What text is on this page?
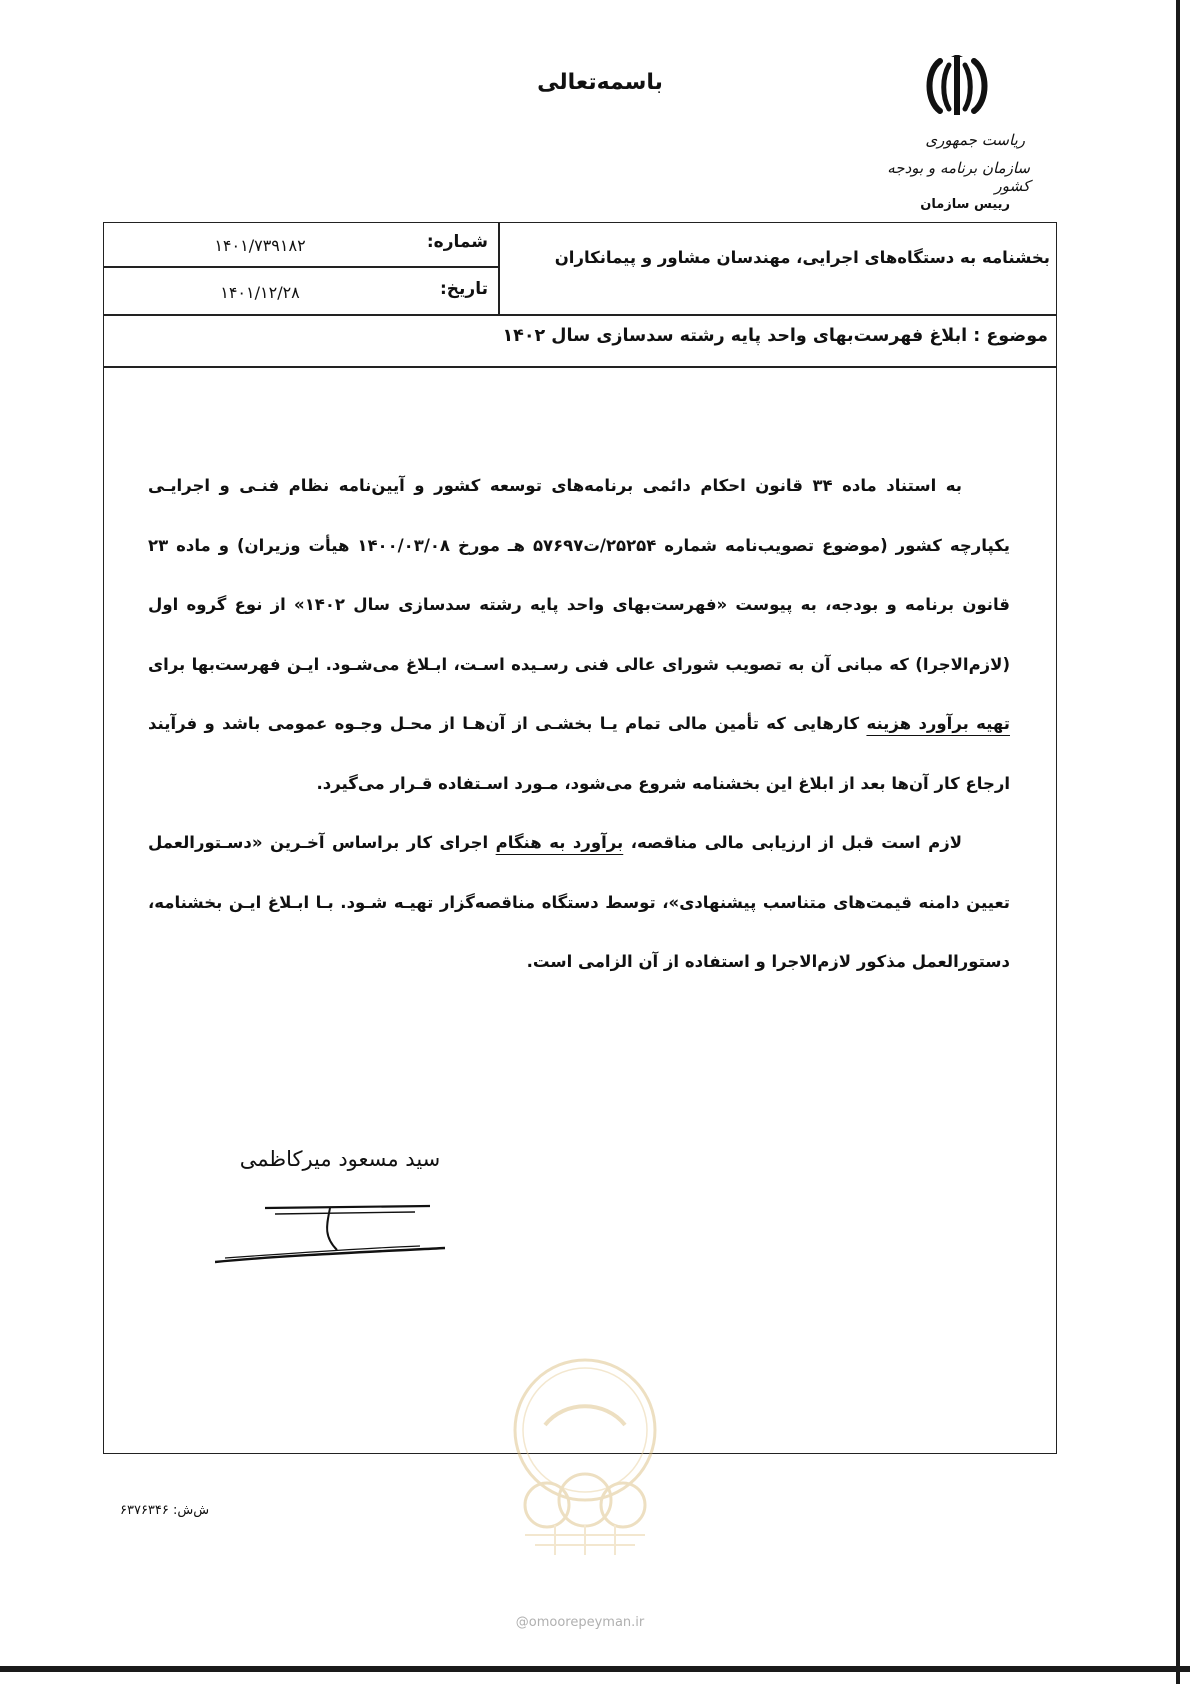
باسمه‌تعالی
ریاست جمهوری
سازمان برنامه و بودجه کشور
رییس سازمان
بخشنامه به دستگاه‌های اجرایی، مهندسان مشاور و پیمانکاران
شماره:
۱۴۰۱/۷۳۹۱۸۲
تاریخ:
۱۴۰۱/۱۲/۲۸
موضوع : ابلاغ فهرست‌بهای واحد پایه رشته سدسازی سال ۱۴۰۲

به استناد ماده ۳۴ قانون احکام دائمی برنامه‌های توسعه کشور و آیین‌نامه نظام فنـی و اجرایـی یکپارچه کشور (موضوع تصویب‌نامه شماره ۲۵۲۵۴/ت۵۷۶۹۷ هـ مورخ ۱۴۰۰/۰۳/۰۸ هیأت وزیران) و ماده ۲۳ قانون برنامه و بودجه، به پیوست «فهرست‌بهای واحد پایه رشته سدسازی سال ۱۴۰۲» از نوع گروه اول (لازم‌الاجرا) که مبانی آن به تصویب شورای عالی فنی رسـیده اسـت، ابـلاغ می‌شـود. ایـن فهرست‌بها برای تهیه برآورد هزینه کارهایی که تأمین مالی تمام یـا بخشـی از آن‌هـا از محـل وجـوه عمومی باشد و فرآیند ارجاع کار آن‌ها بعد از ابلاغ این بخشنامه شروع می‌شود، مـورد اسـتفاده قـرار می‌گیرد.

لازم است قبل از ارزیابی مالی مناقصه، برآورد به هنگام اجرای کار براساس آخـرین «دسـتورالعمل تعیین دامنه قیمت‌های متناسب پیشنهادی»، توسط دستگاه مناقصه‌گزار تهیـه شـود. بـا ابـلاغ ایـن بخشنامه، دستورالعمل مذکور لازم‌الاجرا و استفاده از آن الزامی است.

سید مسعود میرکاظمی
ش‌ش: ۶۳۷۶۳۴۶
@omoorepeyman.ir
